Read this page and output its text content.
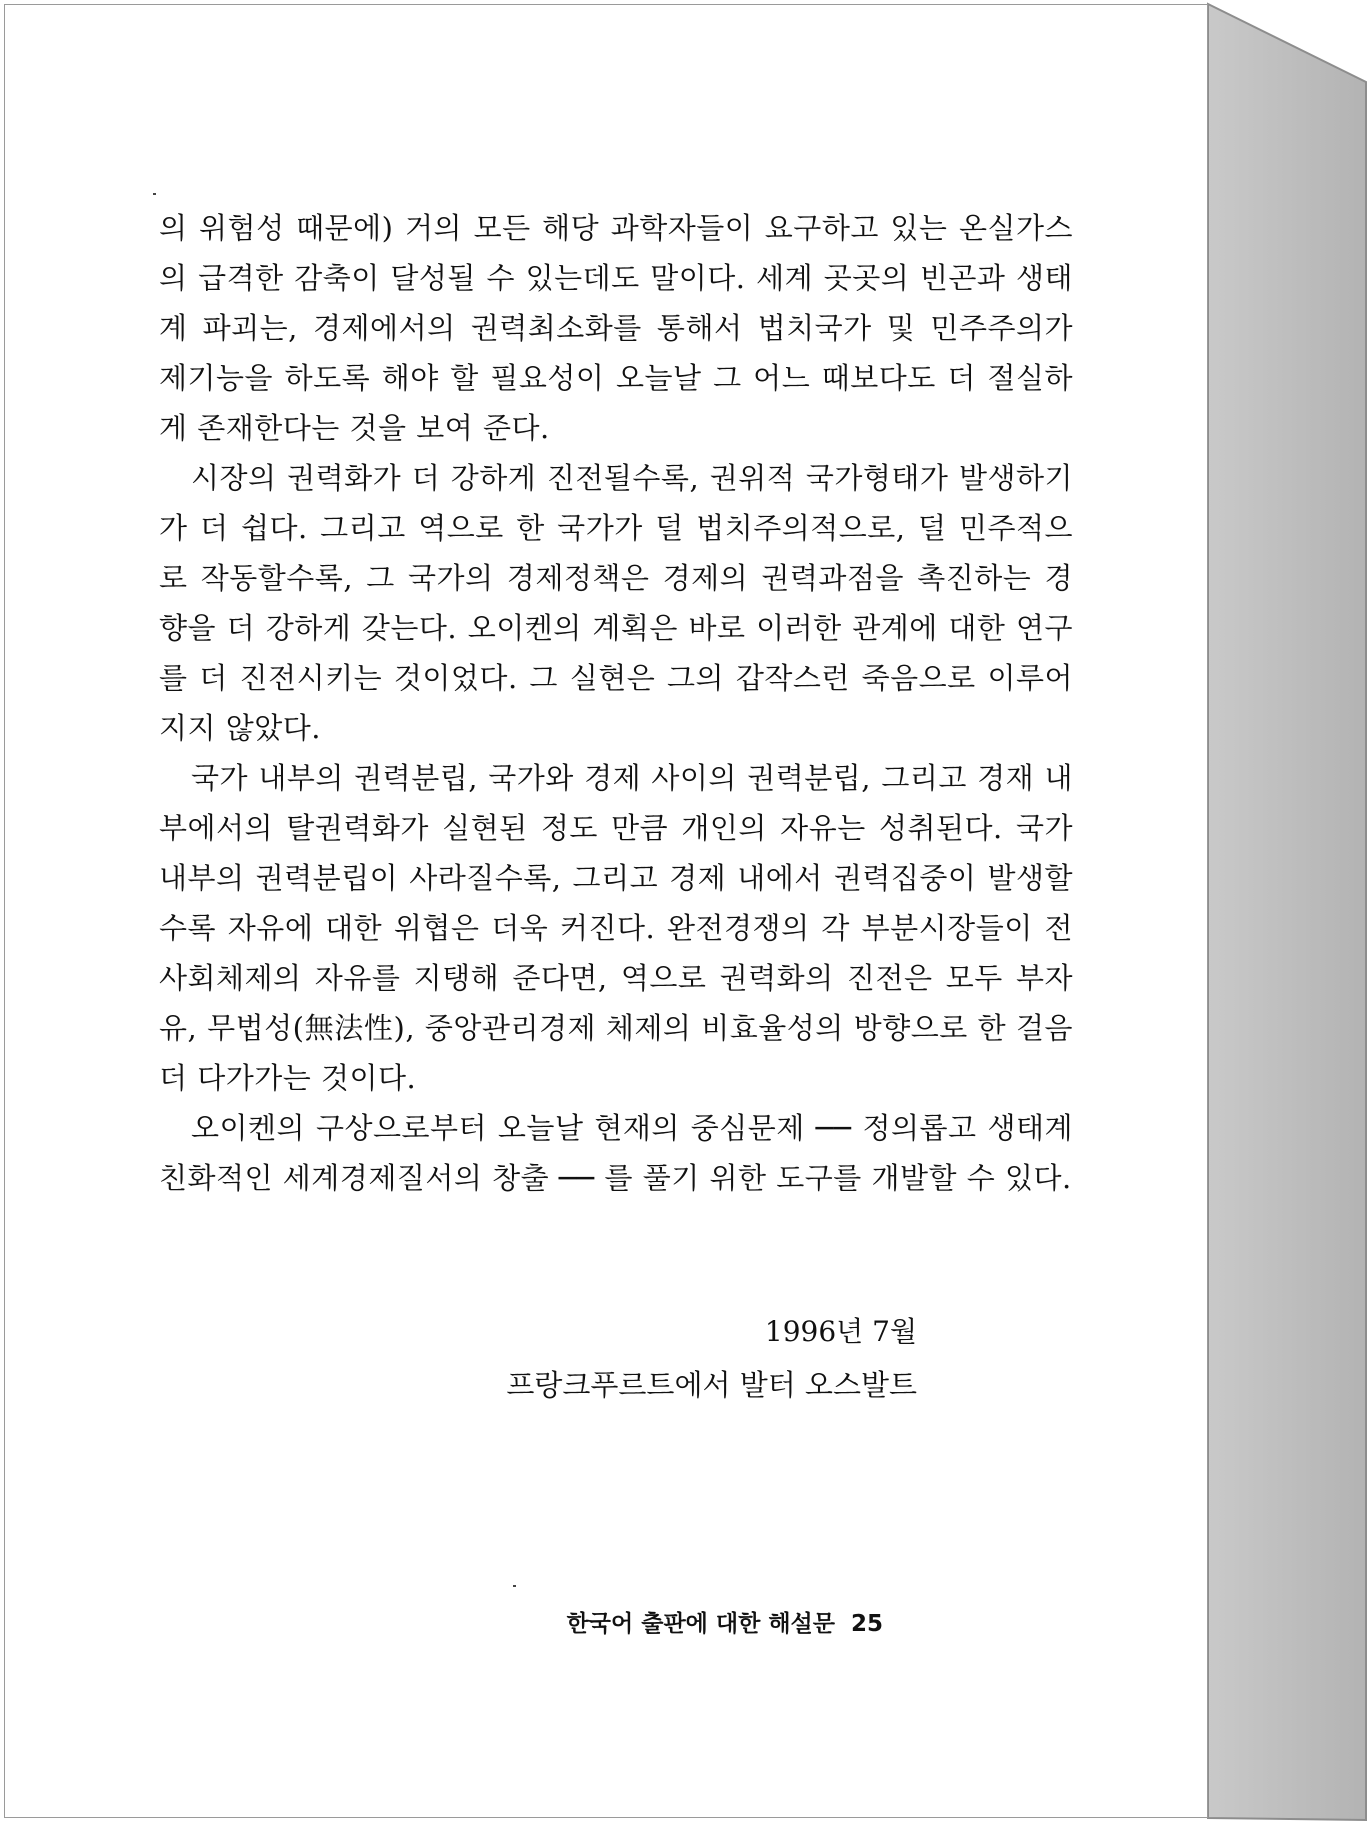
의 위험성 때문에) 거의 모든 해당 과학자들이 요구하고 있는 온실가스의 급격한 감축이 달성될 수 있는데도 말이다. 세계 곳곳의 빈곤과 생태계 파괴는, 경제에서의 권력최소화를 통해서 법치국가 및 민주주의가 제기능을 하도록 해야 할 필요성이 오늘날 그 어느 때보다도 더 절실하게 존재한다는 것을 보여 준다.

시장의 권력화가 더 강하게 진전될수록, 권위적 국가형태가 발생하기가 더 쉽다. 그리고 역으로 한 국가가 덜 법치주의적으로, 덜 민주적으로 작동할수록, 그 국가의 경제정책은 경제의 권력과점을 촉진하는 경향을 더 강하게 갖는다. 오이켄의 계획은 바로 이러한 관계에 대한 연구를 더 진전시키는 것이었다. 그 실현은 그의 갑작스런 죽음으로 이루어지지 않았다.

국가 내부의 권력분립, 국가와 경제 사이의 권력분립, 그리고 경재 내부에서의 탈권력화가 실현된 정도 만큼 개인의 자유는 성취된다. 국가 내부의 권력분립이 사라질수록, 그리고 경제 내에서 권력집중이 발생할수록 자유에 대한 위협은 더욱 커진다. 완전경쟁의 각 부분시장들이 전 사회체제의 자유를 지탱해 준다면, 역으로 권력화의 진전은 모두 부자유, 무법성(無法性), 중앙관리경제 체제의 비효율성의 방향으로 한 걸음 더 다가가는 것이다.

오이켄의 구상으로부터 오늘날 현재의 중심문제 ── 정의롭고 생태계친화적인 세계경제질서의 창출 ── 를 풀기 위한 도구를 개발할 수 있다.

1996년 7월
프랑크푸르트에서 발터 오스발트
한국어 출판에 대한 해설문 25
